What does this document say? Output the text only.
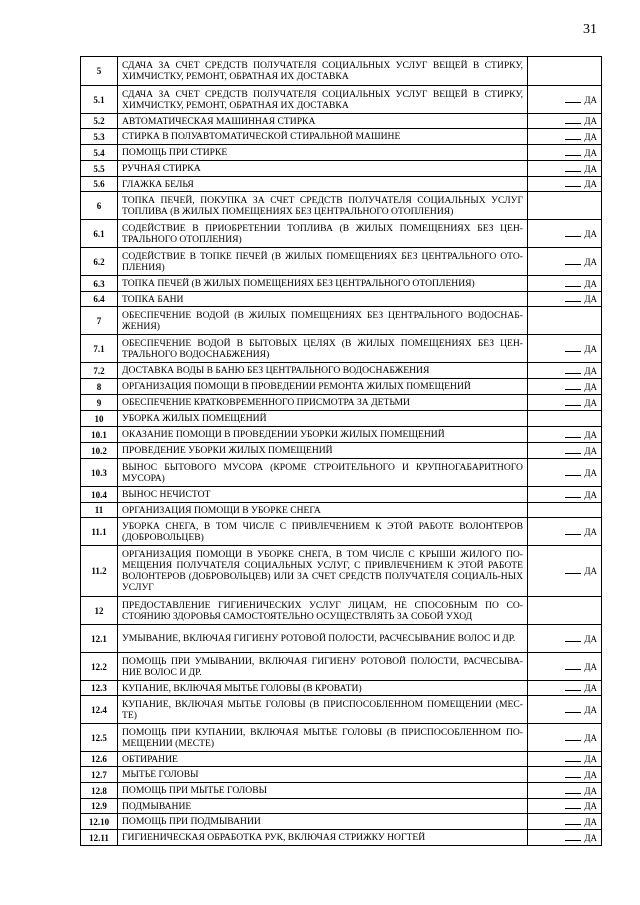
31
5	СДАЧА ЗА СЧЕТ СРЕДСТВ ПОЛУЧАТЕЛЯ СОЦИАЛЬНЫХ УСЛУГ ВЕЩЕЙ В СТИРКУ, ХИМЧИСТКУ, РЕМОНТ, ОБРАТНАЯ ИХ ДОСТАВКА	
5.1	СДАЧА ЗА СЧЕТ СРЕДСТВ ПОЛУЧАТЕЛЯ СОЦИАЛЬНЫХ УСЛУГ ВЕЩЕЙ В СТИРКУ, ХИМЧИСТКУ, РЕМОНТ, ОБРАТНАЯ ИХ ДОСТАВКА	ДА
5.2	АВТОМАТИЧЕСКАЯ МАШИННАЯ СТИРКА	ДА
5.3	СТИРКА В ПОЛУАВТОМАТИЧЕСКОЙ СТИРАЛЬНОЙ МАШИНЕ	ДА
5.4	ПОМОЩЬ ПРИ СТИРКЕ	ДА
5.5	РУЧНАЯ СТИРКА	ДА
5.6	ГЛАЖКА БЕЛЬЯ	ДА
6	ТОПКА ПЕЧЕЙ, ПОКУПКА ЗА СЧЕТ СРЕДСТВ ПОЛУЧАТЕЛЯ СОЦИАЛЬНЫХ УСЛУГ ТОПЛИВА (В ЖИЛЫХ ПОМЕЩЕНИЯХ БЕЗ ЦЕНТРАЛЬНОГО ОТОПЛЕНИЯ)	
6.1	СОДЕЙСТВИЕ В ПРИОБРЕТЕНИИ ТОПЛИВА (В ЖИЛЫХ ПОМЕЩЕНИЯХ БЕЗ ЦЕН-ТРАЛЬНОГО ОТОПЛЕНИЯ)	ДА
6.2	СОДЕЙСТВИЕ В ТОПКЕ ПЕЧЕЙ (В ЖИЛЫХ ПОМЕЩЕНИЯХ БЕЗ ЦЕНТРАЛЬНОГО ОТО-ПЛЕНИЯ)	ДА
6.3	ТОПКА ПЕЧЕЙ (В ЖИЛЫХ ПОМЕЩЕНИЯХ БЕЗ ЦЕНТРАЛЬНОГО ОТОПЛЕНИЯ)	ДА
6.4	ТОПКА БАНИ	ДА
7	ОБЕСПЕЧЕНИЕ ВОДОЙ (В ЖИЛЫХ ПОМЕЩЕНИЯХ БЕЗ ЦЕНТРАЛЬНОГО ВОДОСНАБ-ЖЕНИЯ)	
7.1	ОБЕСПЕЧЕНИЕ ВОДОЙ В БЫТОВЫХ ЦЕЛЯХ (В ЖИЛЫХ ПОМЕЩЕНИЯХ БЕЗ ЦЕН-ТРАЛЬНОГО ВОДОСНАБЖЕНИЯ)	ДА
7.2	ДОСТАВКА ВОДЫ В БАНЮ БЕЗ ЦЕНТРАЛЬНОГО ВОДОСНАБЖЕНИЯ	ДА
8	ОРГАНИЗАЦИЯ ПОМОЩИ В ПРОВЕДЕНИИ РЕМОНТА ЖИЛЫХ ПОМЕЩЕНИЙ	ДА
9	ОБЕСПЕЧЕНИЕ КРАТКОВРЕМЕННОГО ПРИСМОТРА ЗА ДЕТЬМИ	ДА
10	УБОРКА ЖИЛЫХ ПОМЕЩЕНИЙ	
10.1	ОКАЗАНИЕ ПОМОЩИ В ПРОВЕДЕНИИ УБОРКИ ЖИЛЫХ ПОМЕЩЕНИЙ	ДА
10.2	ПРОВЕДЕНИЕ УБОРКИ ЖИЛЫХ ПОМЕЩЕНИЙ	ДА
10.3	ВЫНОС БЫТОВОГО МУСОРА (КРОМЕ СТРОИТЕЛЬНОГО И КРУПНОГАБАРИТНОГО МУСОРА)	ДА
10.4	ВЫНОС НЕЧИСТОТ	ДА
11	ОРГАНИЗАЦИЯ ПОМОЩИ В УБОРКЕ СНЕГА	
11.1	УБОРКА СНЕГА, В ТОМ ЧИСЛЕ С ПРИВЛЕЧЕНИЕМ К ЭТОЙ РАБОТЕ ВОЛОНТЕРОВ (ДОБРОВОЛЬЦЕВ)	ДА
11.2	ОРГАНИЗАЦИЯ ПОМОЩИ В УБОРКЕ СНЕГА, В ТОМ ЧИСЛЕ С КРЫШИ ЖИЛОГО ПО-МЕЩЕНИЯ ПОЛУЧАТЕЛЯ СОЦИАЛЬНЫХ УСЛУГ, С ПРИВЛЕЧЕНИЕМ К ЭТОЙ РАБОТЕ ВОЛОНТЕРОВ (ДОБРОВОЛЬЦЕВ) ИЛИ ЗА СЧЕТ СРЕДСТВ ПОЛУЧАТЕЛЯ СОЦИАЛЬ-НЫХ УСЛУГ	ДА
12	ПРЕДОСТАВЛЕНИЕ ГИГИЕНИЧЕСКИХ УСЛУГ ЛИЦАМ, НЕ СПОСОБНЫМ ПО СО-СТОЯНИЮ ЗДОРОВЬЯ САМОСТОЯТЕЛЬНО ОСУЩЕСТВЛЯТЬ ЗА СОБОЙ УХОД	
12.1	УМЫВАНИЕ, ВКЛЮЧАЯ ГИГИЕНУ РОТОВОЙ ПОЛОСТИ, РАСЧЕСЫВАНИЕ ВОЛОС И ДР.	ДА
12.2	ПОМОЩЬ ПРИ УМЫВАНИИ, ВКЛЮЧАЯ ГИГИЕНУ РОТОВОЙ ПОЛОСТИ, РАСЧЕСЫВА-НИЕ ВОЛОС И ДР.	ДА
12.3	КУПАНИЕ, ВКЛЮЧАЯ МЫТЬЕ ГОЛОВЫ (В КРОВАТИ)	ДА
12.4	КУПАНИЕ, ВКЛЮЧАЯ МЫТЬЕ ГОЛОВЫ (В ПРИСПОСОБЛЕННОМ ПОМЕЩЕНИИ (МЕС-ТЕ)	ДА
12.5	ПОМОЩЬ ПРИ КУПАНИИ, ВКЛЮЧАЯ МЫТЬЕ ГОЛОВЫ (В ПРИСПОСОБЛЕННОМ ПО-МЕЩЕНИИ (МЕСТЕ)	ДА
12.6	ОБТИРАНИЕ	ДА
12.7	МЫТЬЕ ГОЛОВЫ	ДА
12.8	ПОМОЩЬ ПРИ МЫТЬЕ ГОЛОВЫ	ДА
12.9	ПОДМЫВАНИЕ	ДА
12.10	ПОМОЩЬ ПРИ ПОДМЫВАНИИ	ДА
12.11	ГИГИЕНИЧЕСКАЯ ОБРАБОТКА РУК, ВКЛЮЧАЯ СТРИЖКУ НОГТЕЙ	ДА
